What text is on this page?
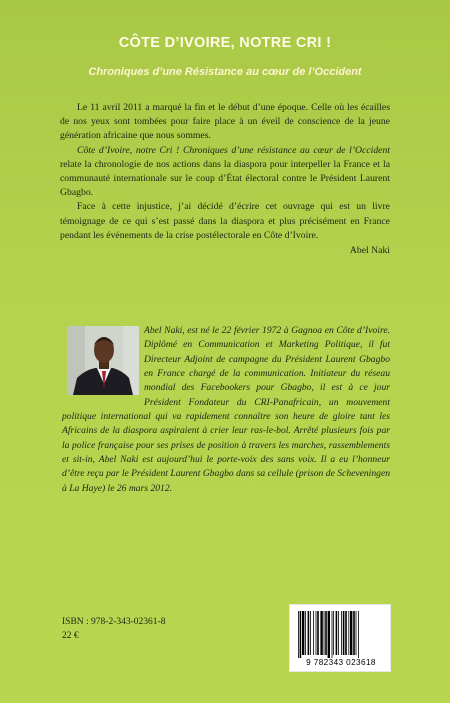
CÔTE D’IVOIRE, NOTRE CRI !
Chroniques d’une Résistance au cœur de l’Occident

Le 11 avril 2011 a marqué la fin et le début d’une époque. Celle où les écailles de nos yeux sont tombées pour faire place à un éveil de conscience de la jeune génération africaine que nous sommes.

Côte d’Ivoire, notre Cri ! Chroniques d’une résistance au cœur de l’Occident relate la chronologie de nos actions dans la diaspora pour interpeller la France et la communauté internationale sur le coup d’État électoral contre le Président Laurent Gbagbo.

Face à cette injustice, j’ai décidé d’écrire cet ouvrage qui est un livre témoignage de ce qui s’est passé dans la diaspora et plus précisément en France pendant les événements de la crise postélectorale en Côte d’Ivoire.

Abel Naki

Abel Naki, est né le 22 février 1972 à Gagnoa en Côte d’Ivoire. Diplômé en Communication et Marketing Politique, il fut Directeur Adjoint de campagne du Président Laurent Gbagbo en France chargé de la communication. Initiateur du réseau mondial des Facebookers pour Gbagbo, il est à ce jour Président Fondateur du CRI-Panafricain, un mouvement politique international qui va rapidement connaître son heure de gloire tant les Africains de la diaspora aspiraient à crier leur ras-le-bol. Arrêté plusieurs fois par la police française pour ses prises de position à travers les marches, rassemblements et sit-in, Abel Naki est aujourd’hui le porte-voix des sans voix. Il a eu l’honneur d’être reçu par le Président Laurent Gbagbo dans sa cellule (prison de Scheveningen à La Haye) le 26 mars 2012.
ISBN : 978-2-343-02361-8
22 €
9 782343 023618
